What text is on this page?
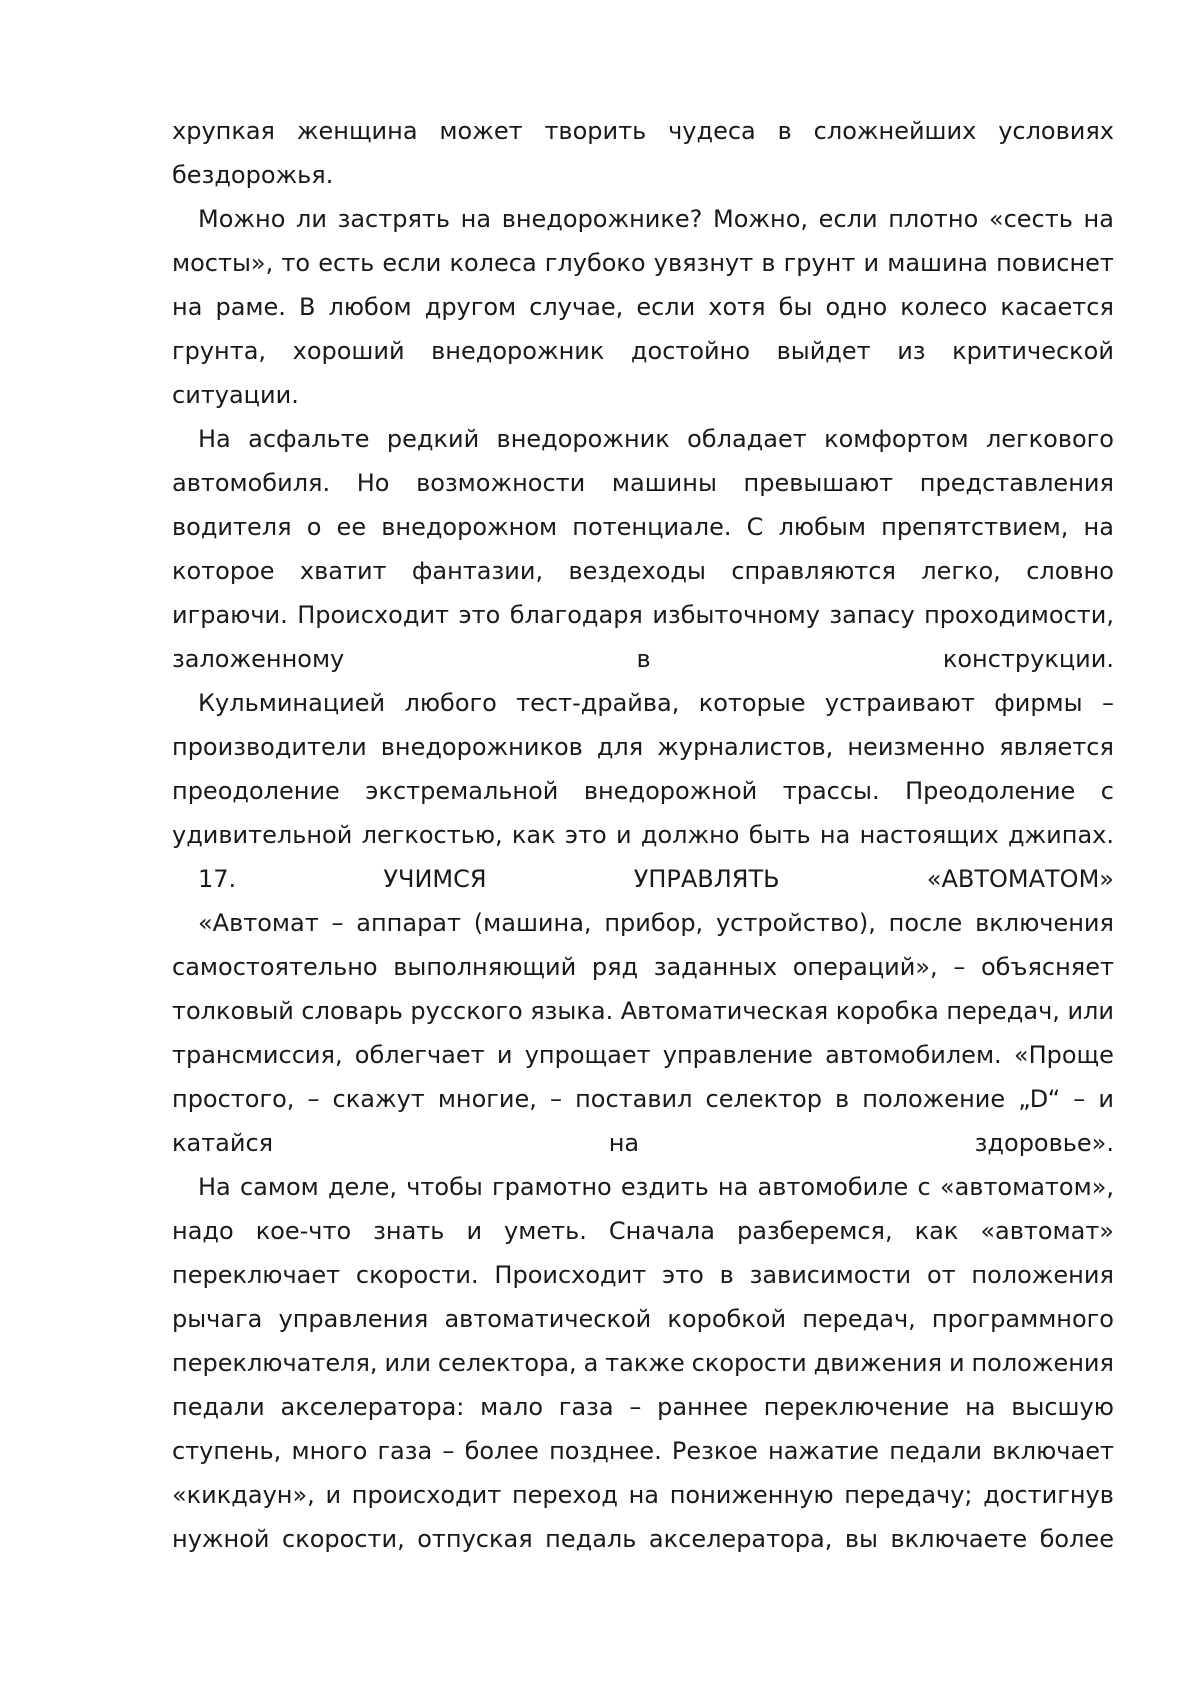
хрупкая женщина может творить чудеса в сложнейших условиях
бездорожья.
Можно ли застрять на внедорожнике? Можно, если плотно «сесть на
мосты», то есть если колеса глубоко увязнут в грунт и машина повиснет
на раме. В любом другом случае, если хотя бы одно колесо касается
грунта, хороший внедорожник достойно выйдет из критической
ситуации.
На асфальте редкий внедорожник обладает комфортом легкового
автомобиля. Но возможности машины превышают представления
водителя о ее внедорожном потенциале. С любым препятствием, на
которое хватит фантазии, вездеходы справляются легко, словно
играючи. Происходит это благодаря избыточному запасу проходимости,
заложенному	в	конструкции.
Кульминацией любого тест-драйва, которые устраивают фирмы –
производители внедорожников для журналистов, неизменно является
преодоление экстремальной внедорожной трассы. Преодоление с
удивительной легкостью, как это и должно быть на настоящих джипах.
17.	УЧИМСЯ	УПРАВЛЯТЬ	«АВТОМАТОМ»
«Автомат – аппарат (машина, прибор, устройство), после включения
самостоятельно выполняющий ряд заданных операций», – объясняет
толковый словарь русского языка. Автоматическая коробка передач, или
трансмиссия, облегчает и упрощает управление автомобилем. «Проще
простого, – скажут многие, – поставил селектор в положение „D“ – и
катайся	на	здоровье».
На самом деле, чтобы грамотно ездить на автомобиле с «автоматом»,
надо кое-что знать и уметь. Сначала разберемся, как «автомат»
переключает скорости. Происходит это в зависимости от положения
рычага управления автоматической коробкой передач, программного
переключателя, или селектора, а также скорости движения и положения
педали акселератора: мало газа – раннее переключение на высшую
ступень, много газа – более позднее. Резкое нажатие педали включает
«кикдаун», и происходит переход на пониженную передачу; достигнув
нужной скорости, отпуская педаль акселератора, вы включаете более
